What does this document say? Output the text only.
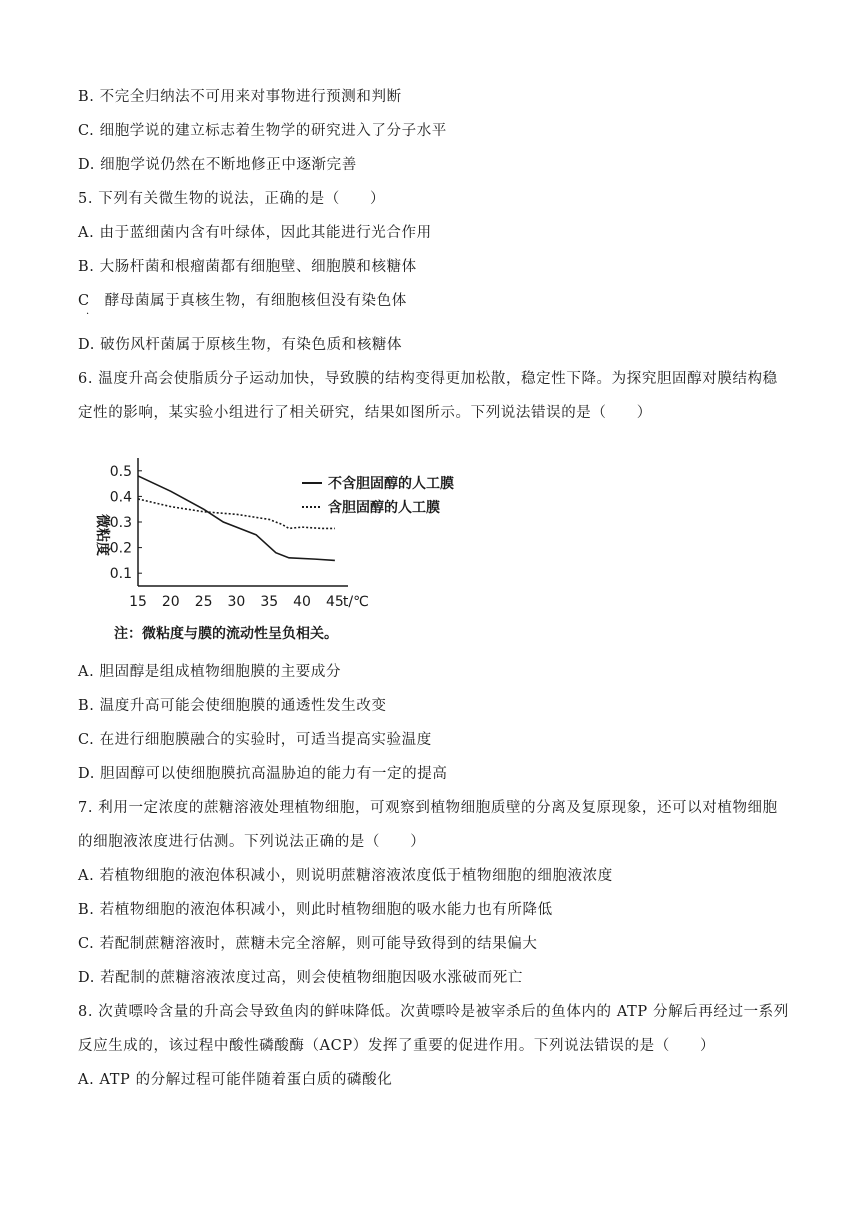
B. 不完全归纳法不可用来对事物进行预测和判断
C. 细胞学说的建立标志着生物学的研究进入了分子水平
D. 细胞学说仍然在不断地修正中逐渐完善
5. 下列有关微生物的说法，正确的是（　　）
A. 由于蓝细菌内含有叶绿体，因此其能进行光合作用
B. 大肠杆菌和根瘤菌都有细胞壁、细胞膜和核糖体
C　酵母菌属于真核生物，有细胞核但没有染色体
·
D. 破伤风杆菌属于原核生物，有染色质和核糖体
6. 温度升高会使脂质分子运动加快，导致膜的结构变得更加松散，稳定性下降。为探究胆固醇对膜结构稳
定性的影响，某实验小组进行了相关研究，结果如图所示。下列说法错误的是（　　）
0.5
0.4
0.3
0.2
0.1
15 20 25 30 35 40 45 t/℃
微粘度
不含胆固醇的人工膜
含胆固醇的人工膜
注：微粘度与膜的流动性呈负相关。
A. 胆固醇是组成植物细胞膜的主要成分
B. 温度升高可能会使细胞膜的通透性发生改变
C. 在进行细胞膜融合的实验时，可适当提高实验温度
D. 胆固醇可以使细胞膜抗高温胁迫的能力有一定的提高
7. 利用一定浓度的蔗糖溶液处理植物细胞，可观察到植物细胞质壁的分离及复原现象，还可以对植物细胞
的细胞液浓度进行估测。下列说法正确的是（　　）
A. 若植物细胞的液泡体积减小，则说明蔗糖溶液浓度低于植物细胞的细胞液浓度
B. 若植物细胞的液泡体积减小，则此时植物细胞的吸水能力也有所降低
C. 若配制蔗糖溶液时，蔗糖未完全溶解，则可能导致得到的结果偏大
D. 若配制的蔗糖溶液浓度过高，则会使植物细胞因吸水涨破而死亡
8. 次黄嘌呤含量的升高会导致鱼肉的鲜味降低。次黄嘌呤是被宰杀后的鱼体内的 ATP 分解后再经过一系列
反应生成的，该过程中酸性磷酸酶（ACP）发挥了重要的促进作用。下列说法错误的是（　　）
A. ATP 的分解过程可能伴随着蛋白质的磷酸化
